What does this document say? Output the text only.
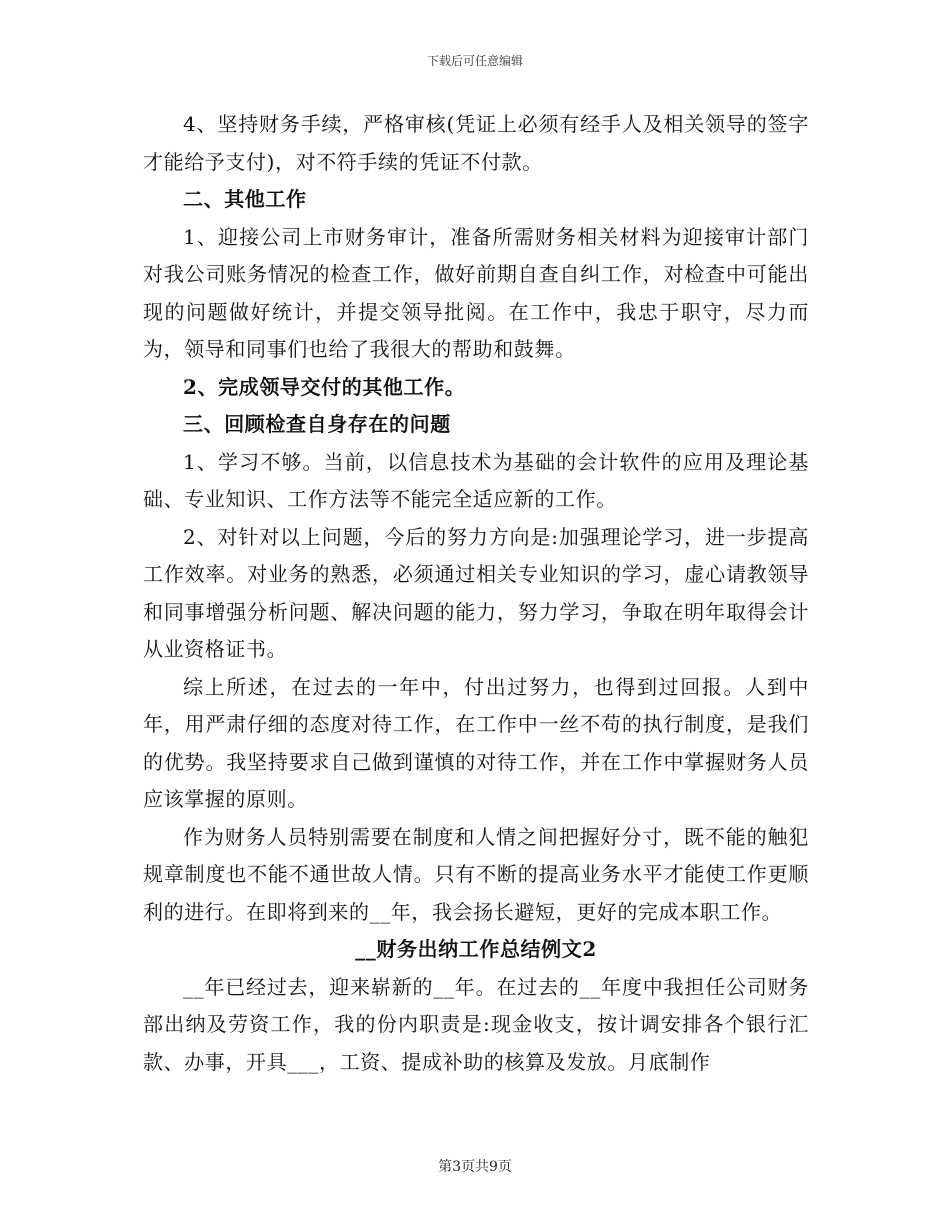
下载后可任意编辑

4、坚持财务手续，严格审核(凭证上必须有经手人及相关领导的签字才能给予支付)，对不符手续的凭证不付款。

二、其他工作

1、迎接公司上市财务审计，准备所需财务相关材料为迎接审计部门对我公司账务情况的检查工作，做好前期自查自纠工作，对检查中可能出现的问题做好统计，并提交领导批阅。在工作中，我忠于职守，尽力而为，领导和同事们也给了我很大的帮助和鼓舞。

2、完成领导交付的其他工作。

三、回顾检查自身存在的问题

1、学习不够。当前，以信息技术为基础的会计软件的应用及理论基础、专业知识、工作方法等不能完全适应新的工作。

2、对针对以上问题，今后的努力方向是:加强理论学习，进一步提高工作效率。对业务的熟悉，必须通过相关专业知识的学习，虚心请教领导和同事增强分析问题、解决问题的能力，努力学习，争取在明年取得会计从业资格证书。

综上所述，在过去的一年中，付出过努力，也得到过回报。人到中年，用严肃仔细的态度对待工作，在工作中一丝不苟的执行制度，是我们的优势。我坚持要求自己做到谨慎的对待工作，并在工作中掌握财务人员应该掌握的原则。

作为财务人员特别需要在制度和人情之间把握好分寸，既不能的触犯规章制度也不能不通世故人情。只有不断的提高业务水平才能使工作更顺利的进行。在即将到来的__年，我会扬长避短，更好的完成本职工作。

__财务出纳工作总结例文2

__年已经过去，迎来崭新的__年。在过去的__年度中我担任公司财务部出纳及劳资工作，我的份内职责是:现金收支，按计调安排各个银行汇款、办事，开具___，工资、提成补助的核算及发放。月底制作

第3页共9页
